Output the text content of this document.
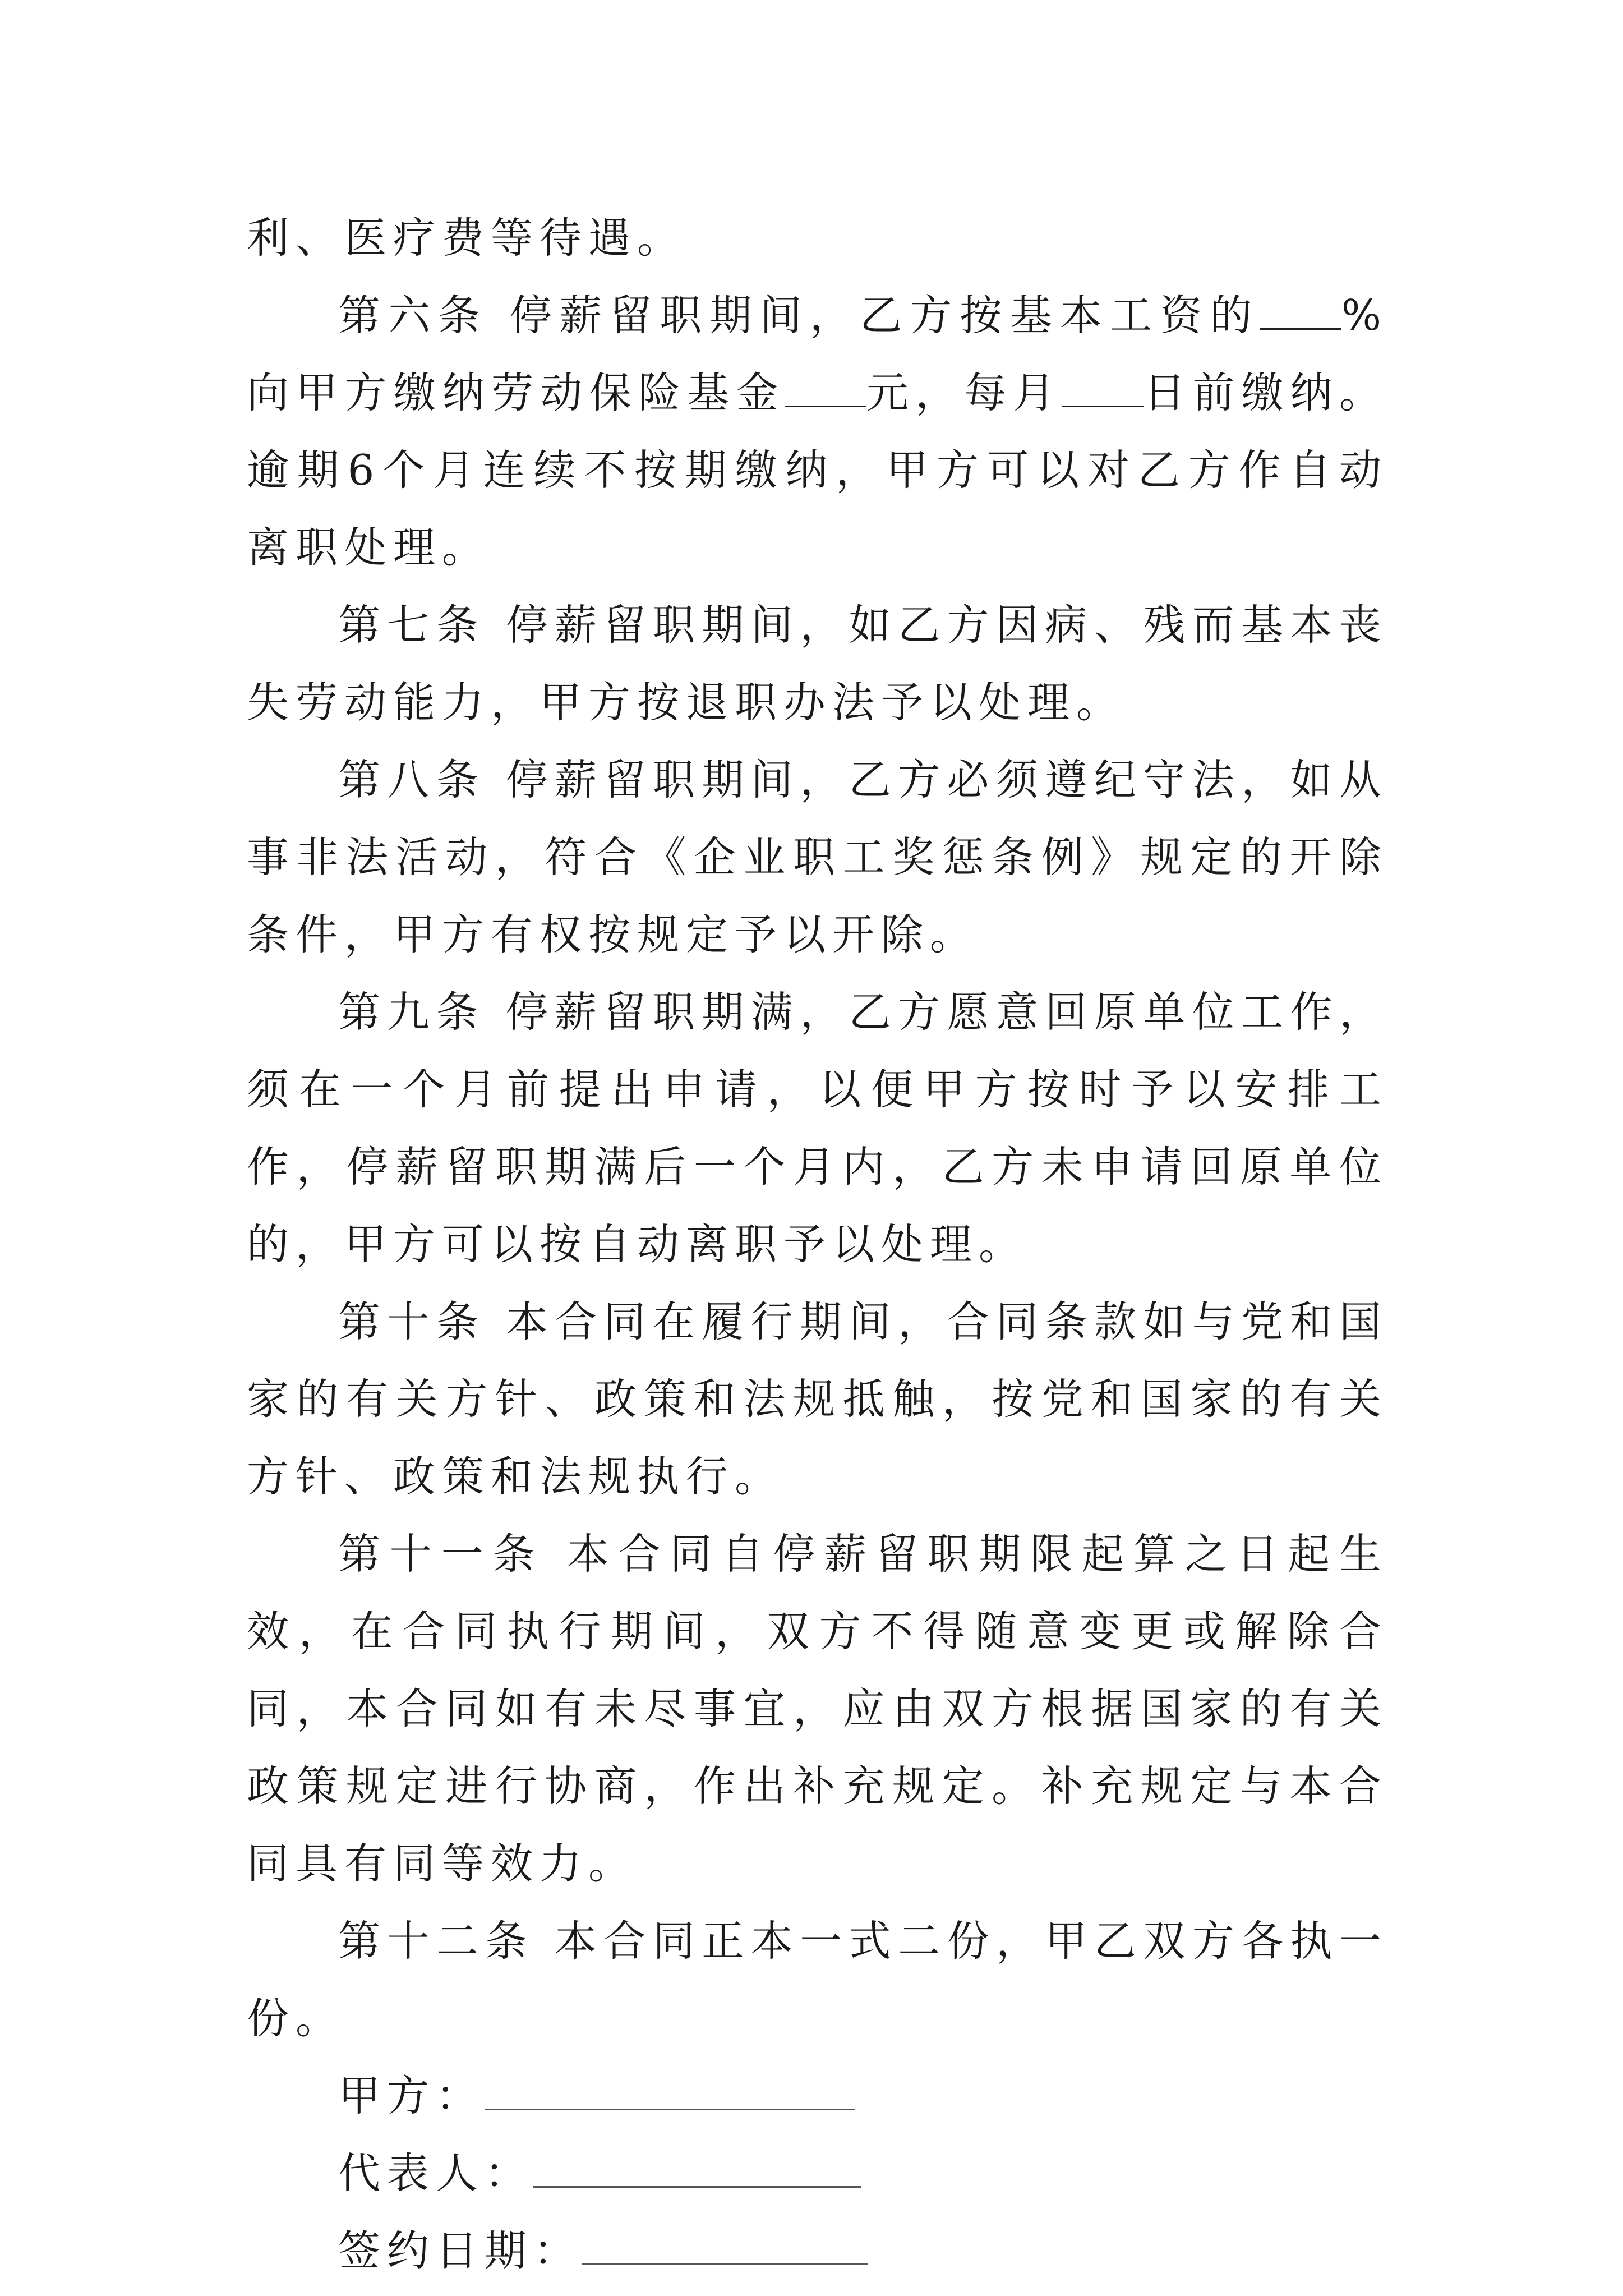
利、医疗费等待遇。

第六条 停薪留职期间，乙方按基本工资的 %向甲方缴纳劳动保险基金 元，每月 日前缴纳。逾期6个月连续不按期缴纳，甲方可以对乙方作自动离职处理。

第七条 停薪留职期间，如乙方因病、残而基本丧失劳动能力，甲方按退职办法予以处理。

第八条 停薪留职期间，乙方必须遵纪守法，如从事非法活动，符合《企业职工奖惩条例》规定的开除条件，甲方有权按规定予以开除。

第九条 停薪留职期满，乙方愿意回原单位工作，须在一个月前提出申请，以便甲方按时予以安排工作，停薪留职期满后一个月内，乙方未申请回原单位的，甲方可以按自动离职予以处理。

第十条 本合同在履行期间，合同条款如与党和国家的有关方针、政策和法规抵触，按党和国家的有关方针、政策和法规执行。

第十一条 本合同自停薪留职期限起算之日起生效，在合同执行期间，双方不得随意变更或解除合同，本合同如有未尽事宜，应由双方根据国家的有关政策规定进行协商，作出补充规定。补充规定与本合同具有同等效力。

第十二条 本合同正本一式二份，甲乙双方各执一份。

甲方：

代表人：

签约日期：
